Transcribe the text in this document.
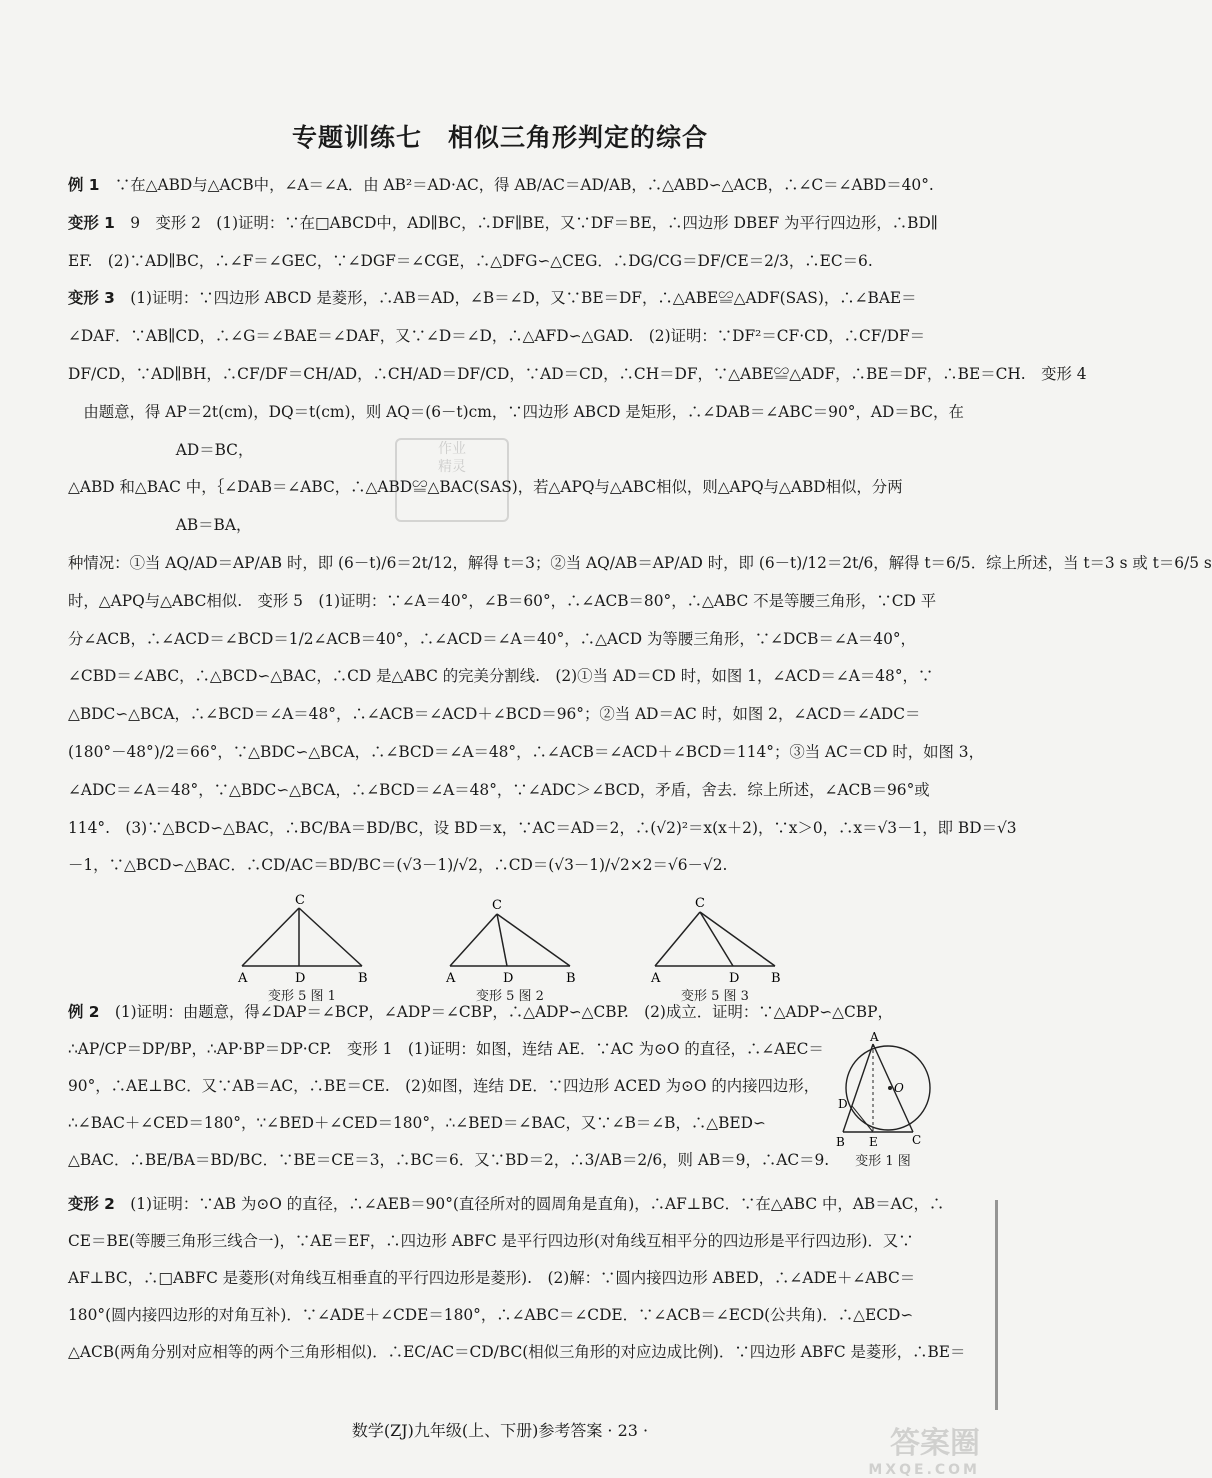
专题训练七　相似三角形判定的综合
例 1　 ∵在△ABD与△ACB中，∠A＝∠A．由 AB²＝AD·AC，得 AB/AC＝AD/AB，∴△ABD∽△ACB，∴∠C＝∠ABD＝40°.
变形 1　 9　变形 2　(1)证明：∵在□ABCD中，AD∥BC，∴DF∥BE，又∵DF＝BE，∴四边形 DBEF 为平行四边形，∴BD∥
EF.　(2)∵AD∥BC，∴∠F＝∠GEC，∵∠DGF＝∠CGE，∴△DFG∽△CEG．∴DG/CG＝DF/CE＝2/3，∴EC＝6.
变形 3　 (1)证明：∵四边形 ABCD 是菱形，∴AB＝AD，∠B＝∠D，又∵BE＝DF，∴△ABE≌△ADF(SAS)，∴∠BAE＝
∠DAF．∵AB∥CD，∴∠G＝∠BAE＝∠DAF，又∵∠D＝∠D，∴△AFD∽△GAD.　(2)证明：∵DF²＝CF·CD，∴CF/DF＝
DF/CD，∵AD∥BH，∴CF/DF＝CH/AD，∴CH/AD＝DF/CD，∵AD＝CD，∴CH＝DF，∵△ABE≌△ADF，∴BE＝DF，∴BE＝CH.　变形 4
　由题意，得 AP＝2t(cm)，DQ＝t(cm)，则 AQ＝(6－t)cm，∵四边形 ABCD 是矩形，∴∠DAB＝∠ABC＝90°，AD＝BC，在
　　　　　　　AD＝BC，
△ABD 和△BAC 中，｛∠DAB＝∠ABC，∴△ABD≌△BAC(SAS)，若△APQ与△ABC相似，则△APQ与△ABD相似，分两
　　　　　　　AB＝BA，
种情况：①当 AQ/AD＝AP/AB 时，即 (6－t)/6＝2t/12，解得 t＝3；②当 AQ/AB＝AP/AD 时，即 (6－t)/12＝2t/6，解得 t＝6/5．综上所述，当 t＝3 s 或 t＝6/5 s
时，△APQ与△ABC相似.　变形 5　(1)证明：∵∠A＝40°，∠B＝60°，∴∠ACB＝80°，∴△ABC 不是等腰三角形，∵CD 平
分∠ACB，∴∠ACD＝∠BCD＝1/2∠ACB＝40°，∴∠ACD＝∠A＝40°，∴△ACD 为等腰三角形，∵∠DCB＝∠A＝40°，
∠CBD＝∠ABC，∴△BCD∽△BAC，∴CD 是△ABC 的完美分割线.　(2)①当 AD＝CD 时，如图 1，∠ACD＝∠A＝48°，∵
△BDC∽△BCA，∴∠BCD＝∠A＝48°，∴∠ACB＝∠ACD＋∠BCD＝96°；②当 AD＝AC 时，如图 2，∠ACD＝∠ADC＝
(180°－48°)/2＝66°，∵△BDC∽△BCA，∴∠BCD＝∠A＝48°，∴∠ACB＝∠ACD＋∠BCD＝114°；③当 AC＝CD 时，如图 3，
∠ADC＝∠A＝48°，∵△BDC∽△BCA，∴∠BCD＝∠A＝48°，∵∠ADC＞∠BCD，矛盾，舍去．综上所述，∠ACB＝96°或
114°.　(3)∵△BCD∽△BAC，∴BC/BA＝BD/BC，设 BD＝x，∵AC＝AD＝2，∴(√2)²＝x(x＋2)，∵x＞0，∴x＝√3－1，即 BD＝√3
－1，∵△BCD∽△BAC．∴CD/AC＝BD/BC＝(√3－1)/√2，∴CD＝(√3－1)/√2×2＝√6－√2.
C
A	D	B
变形 5 图 1
C
A	D	B
变形 5 图 2
C
A	D B
变形 5 图 3
例 2　 (1)证明：由题意，得∠DAP＝∠BCP，∠ADP＝∠CBP，∴△ADP∽△CBP.　(2)成立．证明：∵△ADP∽△CBP，
∴AP/CP＝DP/BP，∴AP·BP＝DP·CP.　变形 1　(1)证明：如图，连结 AE．∵AC 为⊙O 的直径，∴∠AEC＝
90°，∴AE⊥BC．又∵AB＝AC，∴BE＝CE.　(2)如图，连结 DE．∵四边形 ACED 为⊙O 的内接四边形，
∴∠BAC＋∠CED＝180°，∵∠BED＋∠CED＝180°，∴∠BED＝∠BAC，又∵∠B＝∠B，∴△BED∽
△BAC．∴BE/BA＝BD/BC．∵BE＝CE＝3，∴BC＝6．又∵BD＝2，∴3/AB＝2/6，则 AB＝9，∴AC＝9.
A
O
D
B E	C
变形 1 图
变形 2　 (1)证明：∵AB 为⊙O 的直径，∴∠AEB＝90°(直径所对的圆周角是直角)，∴AF⊥BC．∵在△ABC 中，AB＝AC，∴
CE＝BE(等腰三角形三线合一)，∵AE＝EF，∴四边形 ABFC 是平行四边形(对角线互相平分的四边形是平行四边形)．又∵
AF⊥BC，∴□ABFC 是菱形(对角线互相垂直的平行四边形是菱形).　(2)解：∵圆内接四边形 ABED，∴∠ADE＋∠ABC＝
180°(圆内接四边形的对角互补)．∵∠ADE＋∠CDE＝180°，∴∠ABC＝∠CDE．∵∠ACB＝∠ECD(公共角)．∴△ECD∽
△ACB(两角分别对应相等的两个三角形相似)．∴EC/AC＝CD/BC(相似三角形的对应边成比例)．∵四边形 ABFC 是菱形，∴BE＝
作业
精灵
数学(ZJ)九年级(上、下册)参考答案 · 23 ·	答案圈
MXQE.COM
